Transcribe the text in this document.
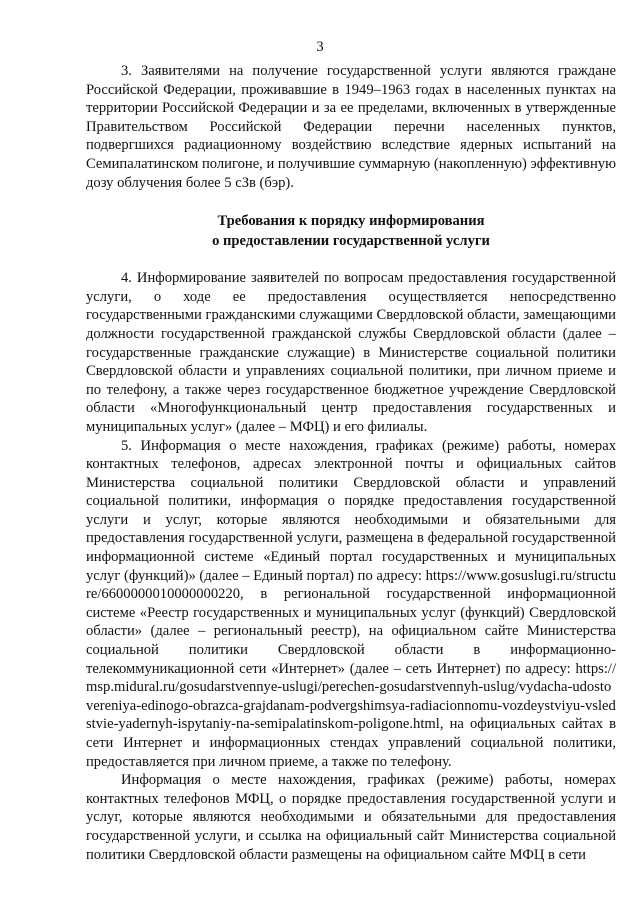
3

3. Заявителями на получение государственной услуги являются граждане Российской Федерации, проживавшие в 1949–1963 годах в населенных пунктах на территории Российской Федерации и за ее пределами, включенных в утвержденные Правительством Российской Федерации перечни населенных пунктов, подвергшихся радиационному воздействию вследствие ядерных испытаний на Семипалатинском полигоне, и получившие суммарную (накопленную) эффективную дозу облучения более 5 сЗв (бэр).

Требования к порядку информирования
о предоставлении государственной услуги

4. Информирование заявителей по вопросам предоставления государственной услуги, о ходе ее предоставления осуществляется непосредственно государственными гражданскими служащими Свердловской области, замещающими должности государственной гражданской службы Свердловской области (далее – государственные гражданские служащие) в Министерстве социальной политики Свердловской области и управлениях социальной политики, при личном приеме и по телефону, а также через государственное бюджетное учреждение Свердловской области «Многофункциональный центр предоставления государственных и муниципальных услуг» (далее – МФЦ) и его филиалы.

5. Информация о месте нахождения, графиках (режиме) работы, номерах контактных телефонов, адресах электронной почты и официальных сайтов Министерства социальной политики Свердловской области и управлений социальной политики, информация о порядке предоставления государственной услуги и услуг, которые являются необходимыми и обязательными для предоставления государственной услуги, размещена в федеральной государственной информационной системе «Единый портал государственных и муниципальных услуг (функций)» (далее – Единый портал) по адресу: https://www.gosuslugi.ru/structure/6600000010000000220, в региональной государственной информационной системе «Реестр государственных и муниципальных услуг (функций) Свердловской области» (далее – региональный реестр), на официальном сайте Министерства социальной политики Свердловской области в информационно-телекоммуникационной сети «Интернет» (далее – сеть Интернет) по адресу: https://msp.midural.ru/gosudarstvennye-uslugi/perechen-gosudarstvennyh-uslug/vydacha-udostovereniya-edinogo-obrazca-grajdanam-podvergshimsya-radiacionnomu-vozdeystviyu-vsledstvie-yadernyh-ispytaniy-na-semipalatinskom-poligone.html, на официальных сайтах в сети Интернет и информационных стендах управлений социальной политики, предоставляется при личном приеме, а также по телефону.

Информация о месте нахождения, графиках (режиме) работы, номерах контактных телефонов МФЦ, о порядке предоставления государственной услуги и услуг, которые являются необходимыми и обязательными для предоставления государственной услуги, и ссылка на официальный сайт Министерства социальной политики Свердловской области размещены на официальном сайте МФЦ в сети
